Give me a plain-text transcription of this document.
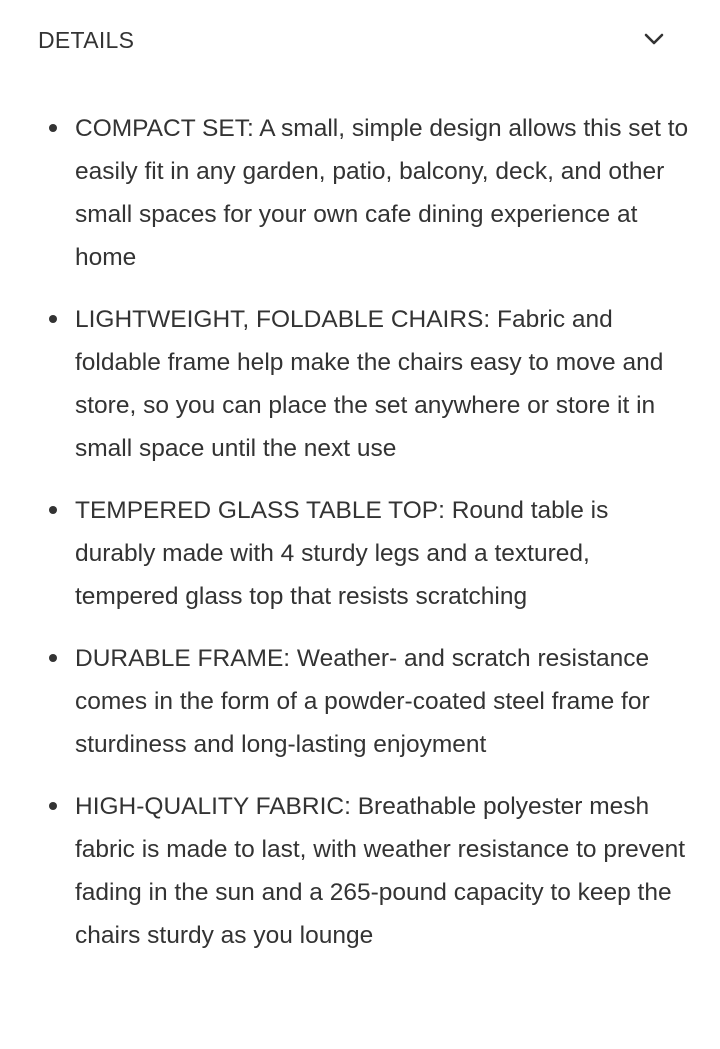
DETAILS
COMPACT SET: A small, simple design allows this set to easily fit in any garden, patio, balcony, deck, and other small spaces for your own cafe dining experience at home
LIGHTWEIGHT, FOLDABLE CHAIRS: Fabric and foldable frame help make the chairs easy to move and store, so you can place the set anywhere or store it in small space until the next use
TEMPERED GLASS TABLE TOP: Round table is durably made with 4 sturdy legs and a textured, tempered glass top that resists scratching
DURABLE FRAME: Weather- and scratch resistance comes in the form of a powder-coated steel frame for sturdiness and long-lasting enjoyment
HIGH-QUALITY FABRIC: Breathable polyester mesh fabric is made to last, with weather resistance to prevent fading in the sun and a 265-pound capacity to keep the chairs sturdy as you lounge
